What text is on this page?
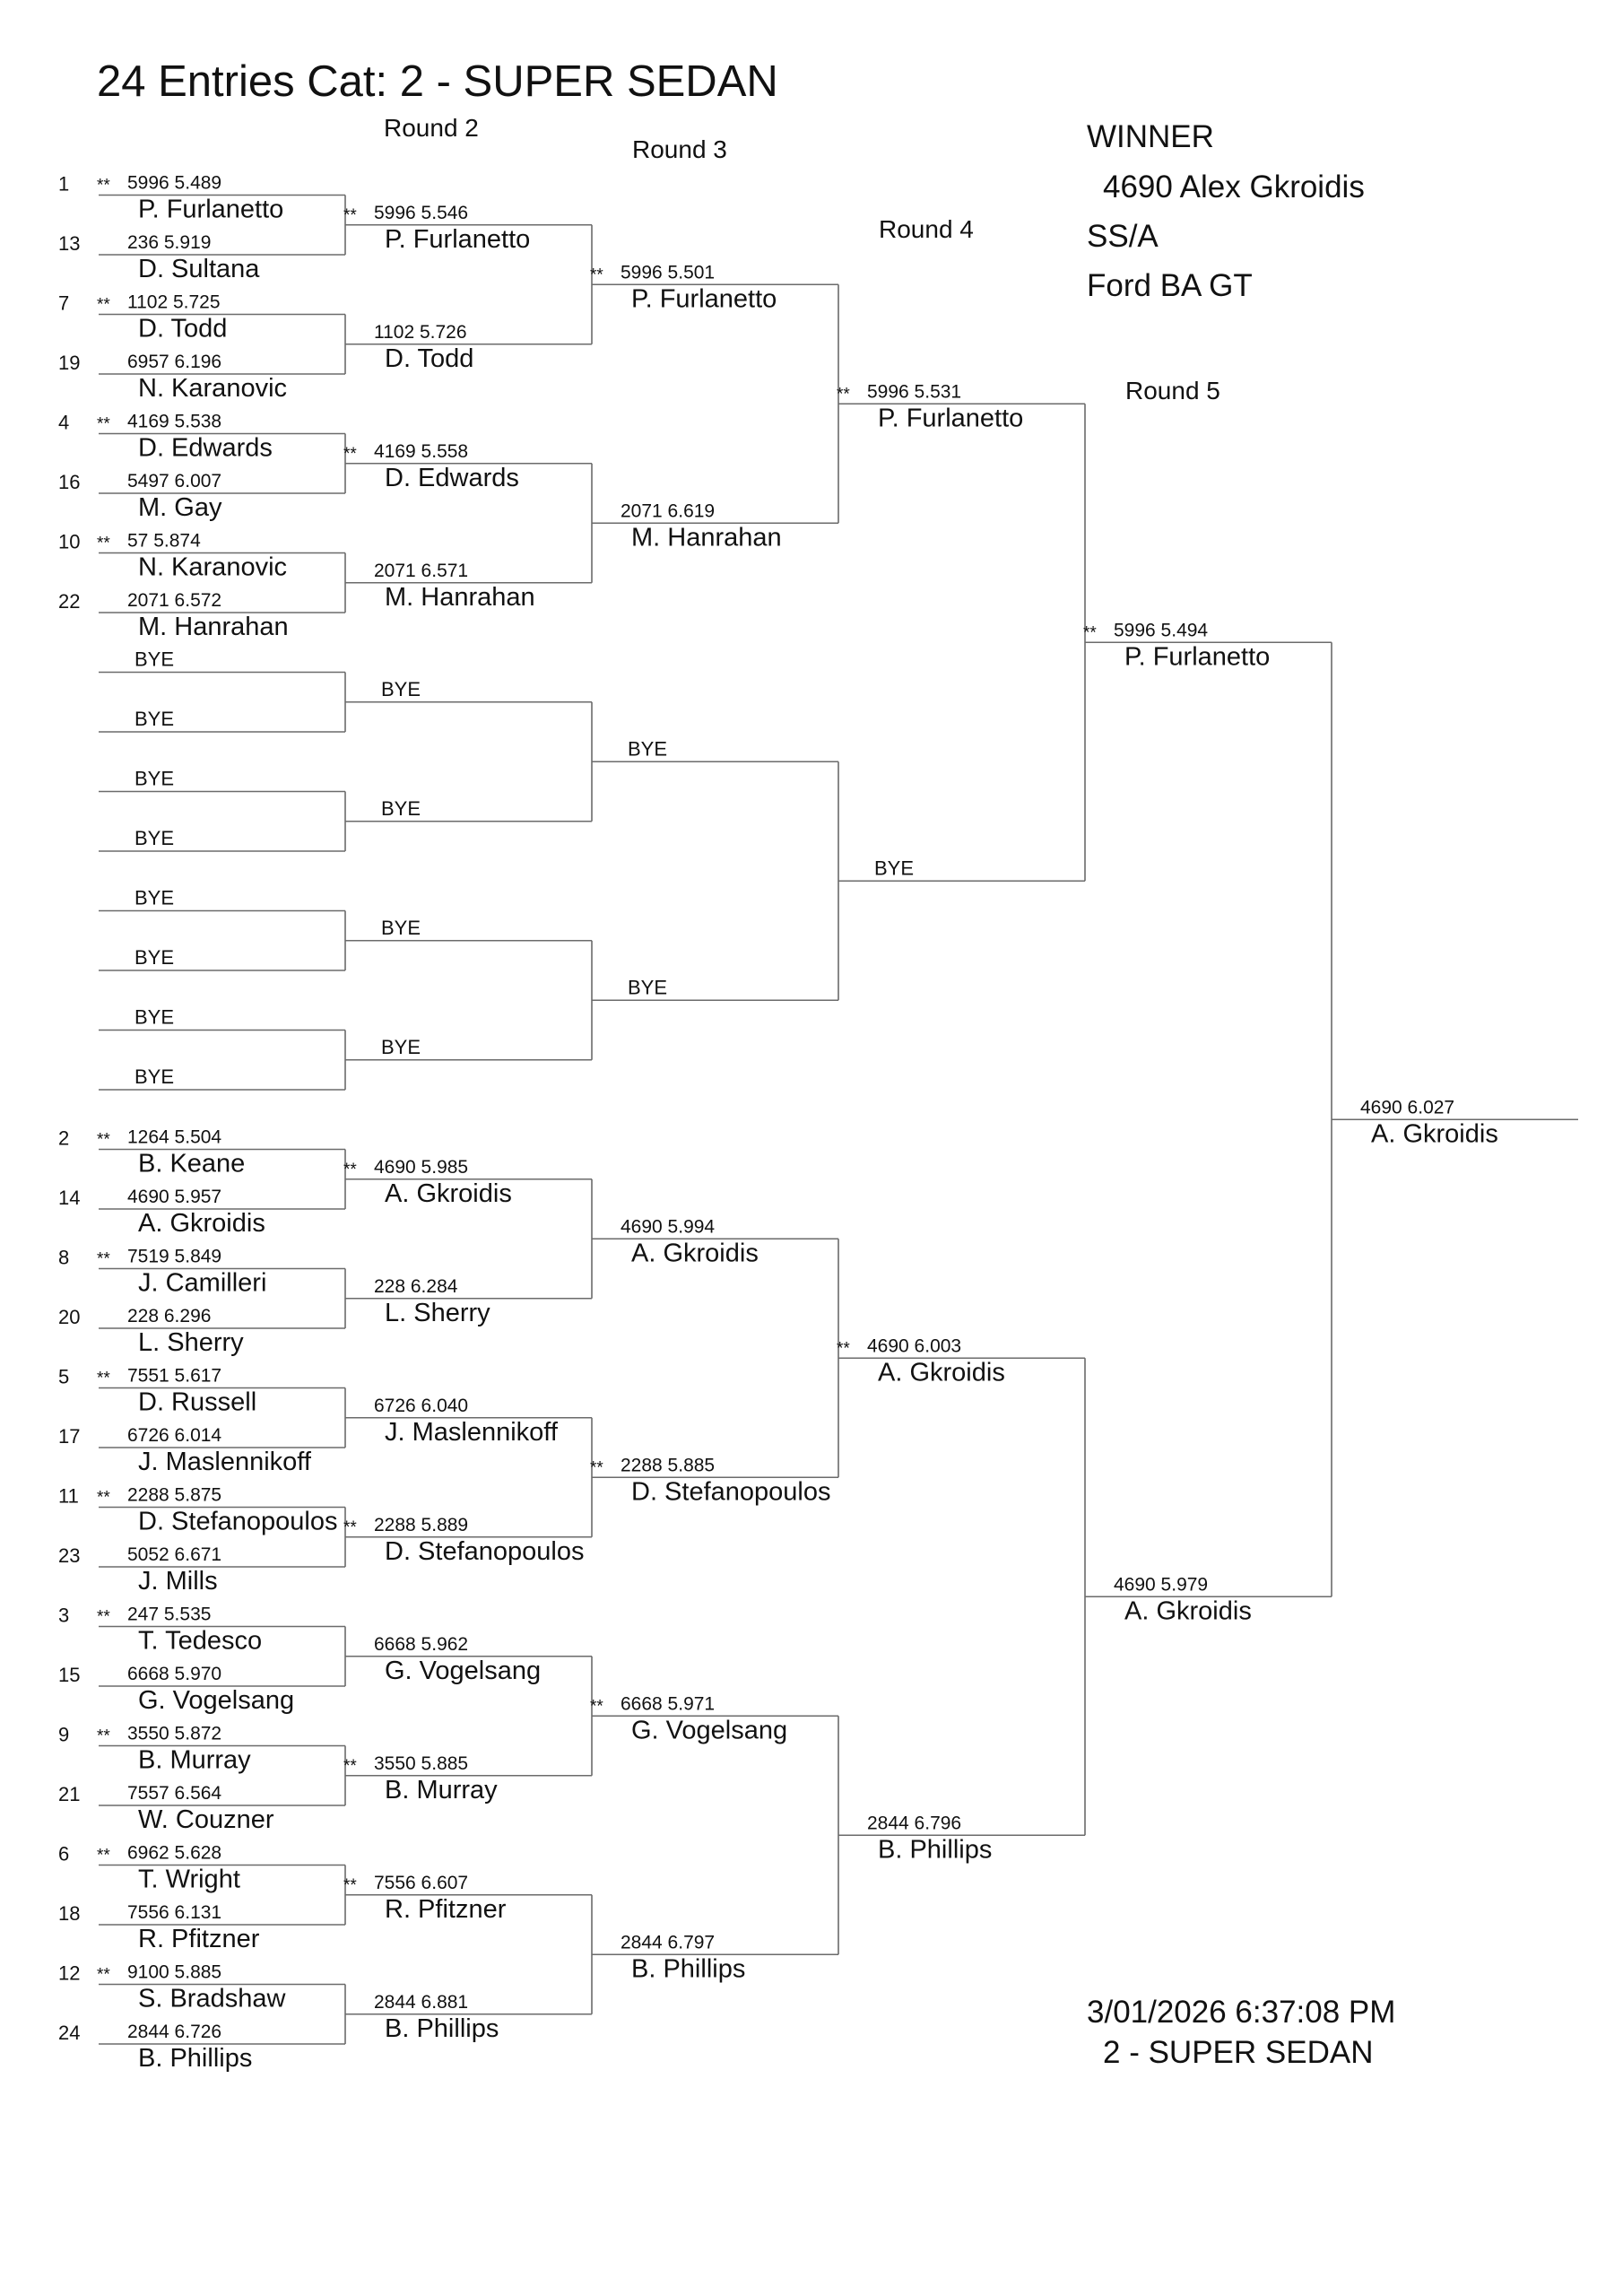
24 Entries Cat: 2 - SUPER SEDAN
Round 2
Round 3
Round 4
Round 5
WINNER
4690 Alex Gkroidis
SS/A
Ford BA GT
3/01/2026 6:37:08 PM
2 - SUPER SEDAN
1 ** 5996 5.489
P. Furlanetto
13	236 5.919
D. Sultana
7 ** 1102 5.725
D. Todd
19	6957 6.196
N. Karanovic
4 ** 4169 5.538
D. Edwards
16	5497 6.007
M. Gay
10 ** 57 5.874
N. Karanovic
22	2071 6.572
M. Hanrahan
BYE
BYE
BYE
BYE
BYE
BYE
BYE
BYE
2 ** 1264 5.504
B. Keane
14	4690 5.957
A. Gkroidis
8 ** 7519 5.849
J. Camilleri
20	228 6.296
L. Sherry
5 ** 7551 5.617
D. Russell
17	6726 6.014
J. Maslennikoff
11 ** 2288 5.875
D. Stefanopoulos
23	5052 6.671
J. Mills
3 ** 247 5.535
T. Tedesco
15	6668 5.970
G. Vogelsang
9 ** 3550 5.872
B. Murray
21	7557 6.564
W. Couzner
6 ** 6962 5.628
T. Wright
18	7556 6.131
R. Pfitzner
12 ** 9100 5.885
S. Bradshaw
24	2844 6.726
B. Phillips
** 5996 5.546
P. Furlanetto
1102 5.726
D. Todd
** 4169 5.558
D. Edwards
2071 6.571
M. Hanrahan
BYE
BYE
BYE
BYE
** 4690 5.985
A. Gkroidis
228 6.284
L. Sherry
6726 6.040
J. Maslennikoff
** 2288 5.889
D. Stefanopoulos
6668 5.962
G. Vogelsang
** 3550 5.885
B. Murray
** 7556 6.607
R. Pfitzner
2844 6.881
B. Phillips
** 5996 5.501
P. Furlanetto
2071 6.619
M. Hanrahan
BYE
BYE
4690 5.994
A. Gkroidis
** 2288 5.885
D. Stefanopoulos
** 6668 5.971
G. Vogelsang
2844 6.797
B. Phillips
** 5996 5.531
P. Furlanetto
BYE
** 4690 6.003
A. Gkroidis
2844 6.796
B. Phillips
** 5996 5.494
P. Furlanetto
4690 5.979
A. Gkroidis
4690 6.027
A. Gkroidis
